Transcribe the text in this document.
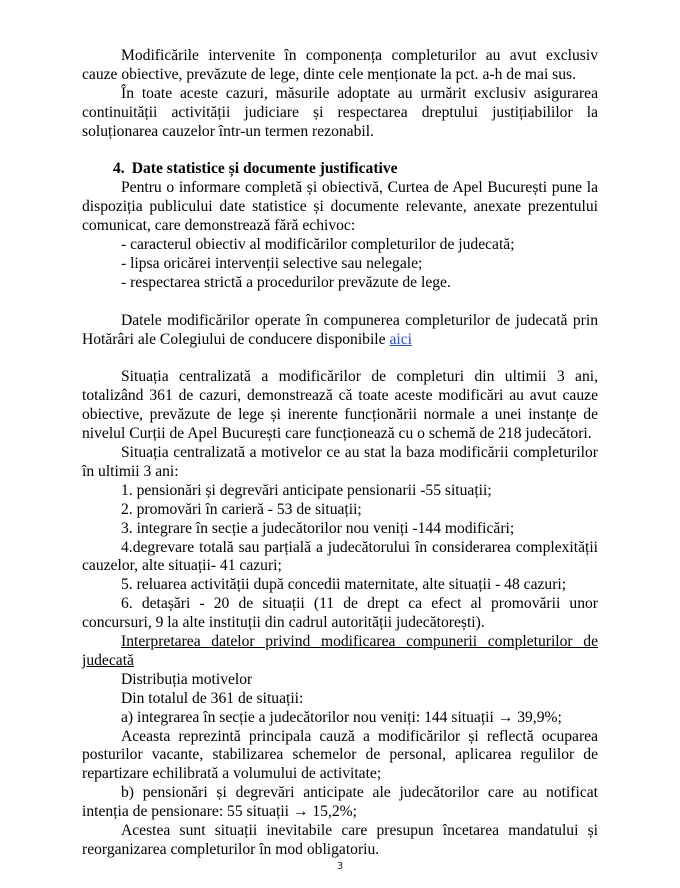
Modificările intervenite în componența completurilor au avut exclusiv cauze obiective, prevăzute de lege, dinte cele menționate la pct. a-h de mai sus.

În toate aceste cazuri, măsurile adoptate au urmărit exclusiv asigurarea continuității activității judiciare și respectarea dreptului justițiabililor la soluționarea cauzelor într-un termen rezonabil.

4. Date statistice și documente justificative

Pentru o informare completă și obiectivă, Curtea de Apel București pune la dispoziția publicului date statistice și documente relevante, anexate prezentului comunicat, care demonstrează fără echivoc:

- caracterul obiectiv al modificărilor completurilor de judecată;

- lipsa oricărei intervenții selective sau nelegale;

- respectarea strictă a procedurilor prevăzute de lege.

Datele modificărilor operate în compunerea completurilor de judecată prin Hotărâri ale Colegiului de conducere disponibile aici

Situația centralizată a modificărilor de completuri din ultimii 3 ani, totalizând 361 de cazuri, demonstrează că toate aceste modificări au avut cauze obiective, prevăzute de lege și inerente funcționării normale a unei instanțe de nivelul Curții de Apel București care funcționează cu o schemă de 218 judecători.

Situația centralizată a motivelor ce au stat la baza modificării completurilor în ultimii 3 ani:

1. pensionări și degrevări anticipate pensionarii -55 situații;

2. promovări în carieră - 53 de situații;

3. integrare în secție a judecătorilor nou veniți -144 modificări;

4.degrevare totală sau parțială a judecătorului în considerarea complexității cauzelor, alte situații- 41 cazuri;

5. reluarea activității după concedii maternitate, alte situații - 48 cazuri;

6. detașări - 20 de situații (11 de drept ca efect al promovării unor concursuri, 9 la alte instituții din cadrul autorității judecătorești).

Interpretarea datelor privind modificarea compunerii completurilor de judecată

Distribuția motivelor

Din totalul de 361 de situații:

a) integrarea în secție a judecătorilor nou veniți: 144 situații → 39,9%;

Aceasta reprezintă principala cauză a modificărilor și reflectă ocuparea posturilor vacante, stabilizarea schemelor de personal, aplicarea regulilor de repartizare echilibrată a volumului de activitate;

b) pensionări și degrevări anticipate ale judecătorilor care au notificat intenția de pensionare: 55 situații → 15,2%;

Acestea sunt situații inevitabile care presupun încetarea mandatului și reorganizarea completurilor în mod obligatoriu.

3
